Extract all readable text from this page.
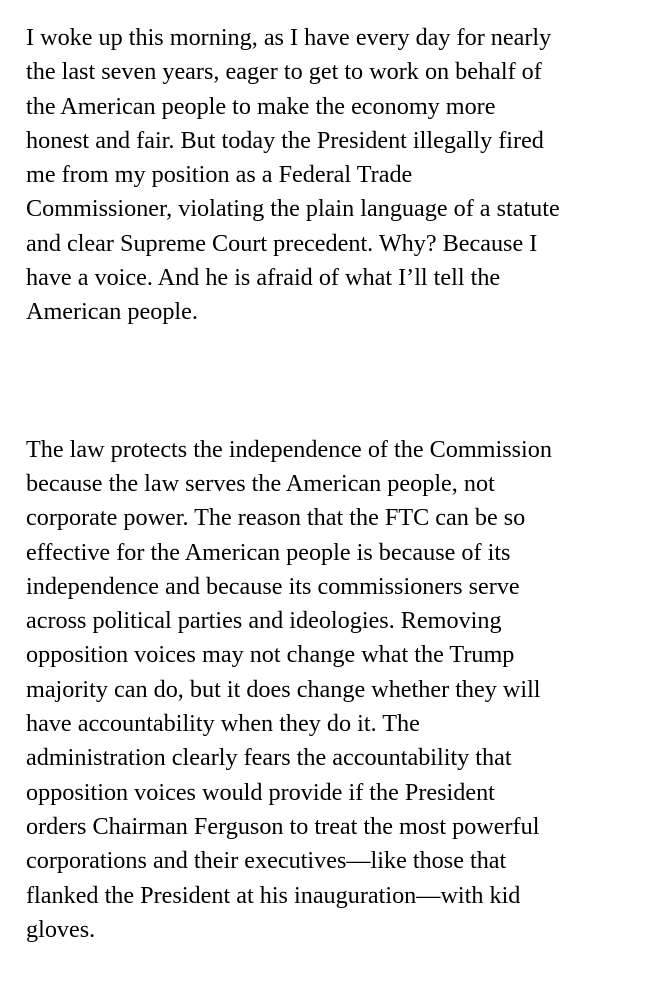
I woke up this morning, as I have every day for nearly
the last seven years, eager to get to work on behalf of
the American people to make the economy more
honest and fair. But today the President illegally fired
me from my position as a Federal Trade
Commissioner, violating the plain language of a statute
and clear Supreme Court precedent. Why? Because I
have a voice. And he is afraid of what I’ll tell the
American people.

The law protects the independence of the Commission
because the law serves the American people, not
corporate power. The reason that the FTC can be so
effective for the American people is because of its
independence and because its commissioners serve
across political parties and ideologies. Removing
opposition voices may not change what the Trump
majority can do, but it does change whether they will
have accountability when they do it. The
administration clearly fears the accountability that
opposition voices would provide if the President
orders Chairman Ferguson to treat the most powerful
corporations and their executives—like those that
flanked the President at his inauguration—with kid
gloves.
